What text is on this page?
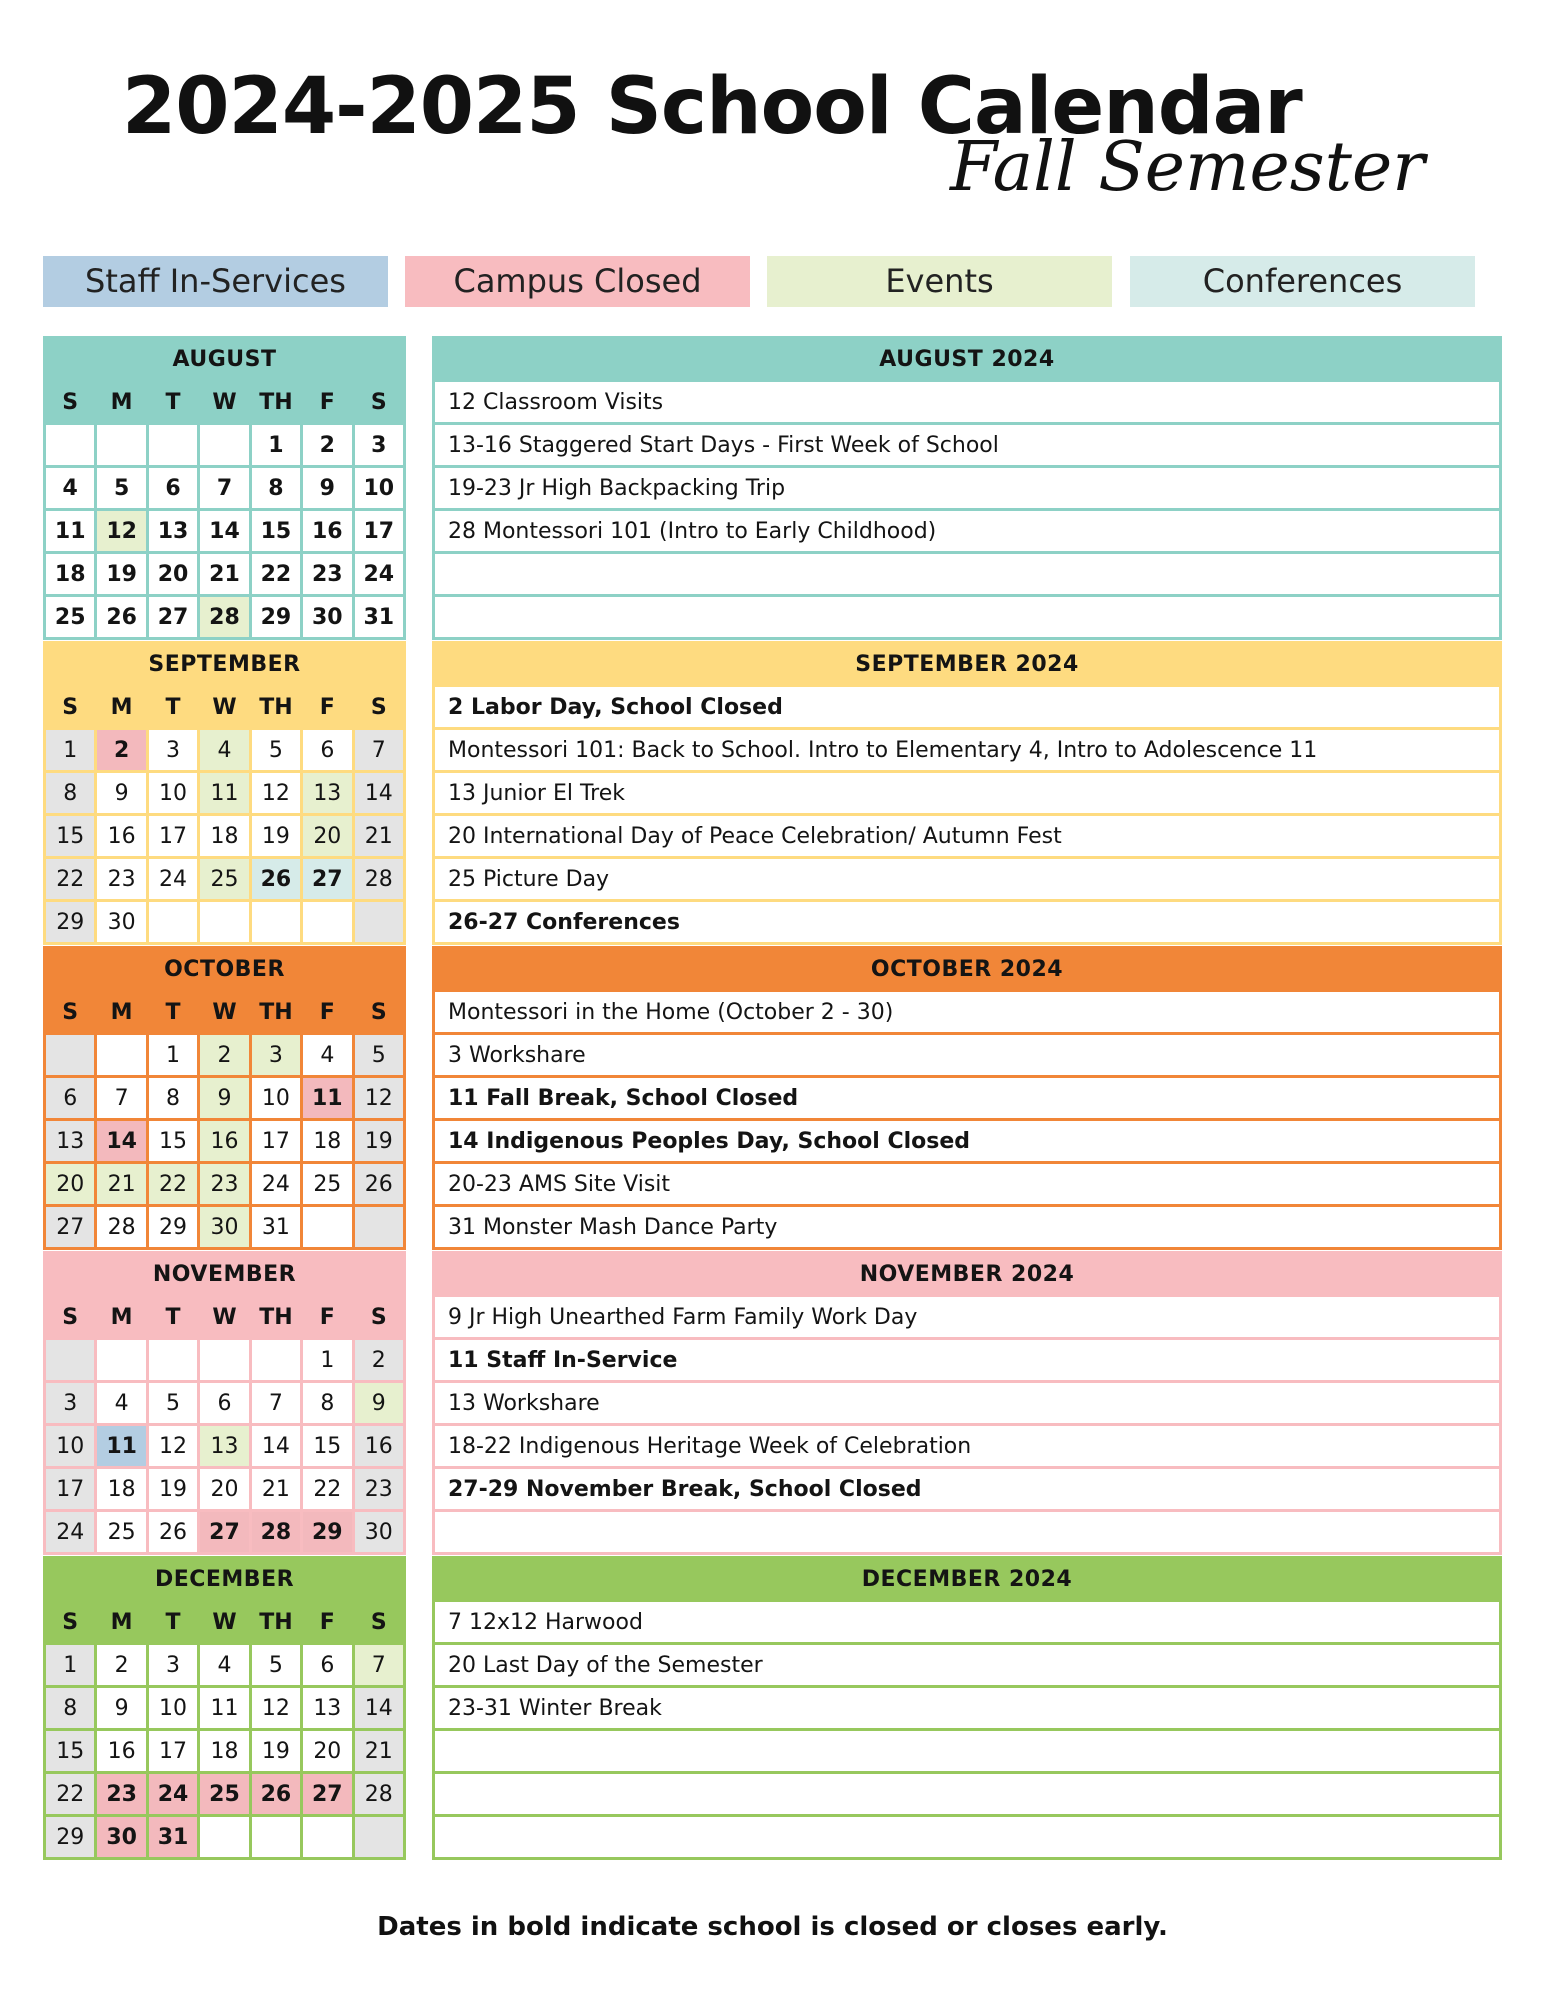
2024-2025 School Calendar
Fall Semester
Staff In-Services	Campus Closed	Events	Conferences
AUGUST						
S	M	T	W	TH	F	S
				1	2	3
4	5	6	7	8	9	10
11	12	13	14	15	16	17
18	19	20	21	22	23	24
25	26	27	28	29	30	31
AUGUST 2024
12 Classroom Visits
13-16 Staggered Start Days - First Week of School
19-23 Jr High Backpacking Trip
28 Montessori 101 (Intro to Early Childhood)

SEPTEMBER						
S	M	T	W	TH	F	S
1	2	3	4	5	6	7
8	9	10	11	12	13	14
15	16	17	18	19	20	21
22	23	24	25	26	27	28
29	30					
SEPTEMBER 2024
2 Labor Day, School Closed
Montessori 101: Back to School. Intro to Elementary 4, Intro to Adolescence 11
13 Junior El Trek
20 International Day of Peace Celebration/ Autumn Fest
25 Picture Day
26-27 Conferences
OCTOBER						
S	M	T	W	TH	F	S
		1	2	3	4	5
6	7	8	9	10	11	12
13	14	15	16	17	18	19
20	21	22	23	24	25	26
27	28	29	30	31		
OCTOBER 2024
Montessori in the Home (October 2 - 30)
3 Workshare
11 Fall Break, School Closed
14 Indigenous Peoples Day, School Closed
20-23 AMS Site Visit
31 Monster Mash Dance Party
NOVEMBER						
S	M	T	W	TH	F	S
					1	2
3	4	5	6	7	8	9
10	11	12	13	14	15	16
17	18	19	20	21	22	23
24	25	26	27	28	29	30
NOVEMBER 2024
9 Jr High Unearthed Farm Family Work Day
11 Staff In-Service
13 Workshare
18-22 Indigenous Heritage Week of Celebration
27-29 November Break, School Closed

DECEMBER						
S	M	T	W	TH	F	S
1	2	3	4	5	6	7
8	9	10	11	12	13	14
15	16	17	18	19	20	21
22	23	24	25	26	27	28
29	30	31				
DECEMBER 2024
7 12x12 Harwood
20 Last Day of the Semester
23-31 Winter Break

Dates in bold indicate school is closed or closes early.
